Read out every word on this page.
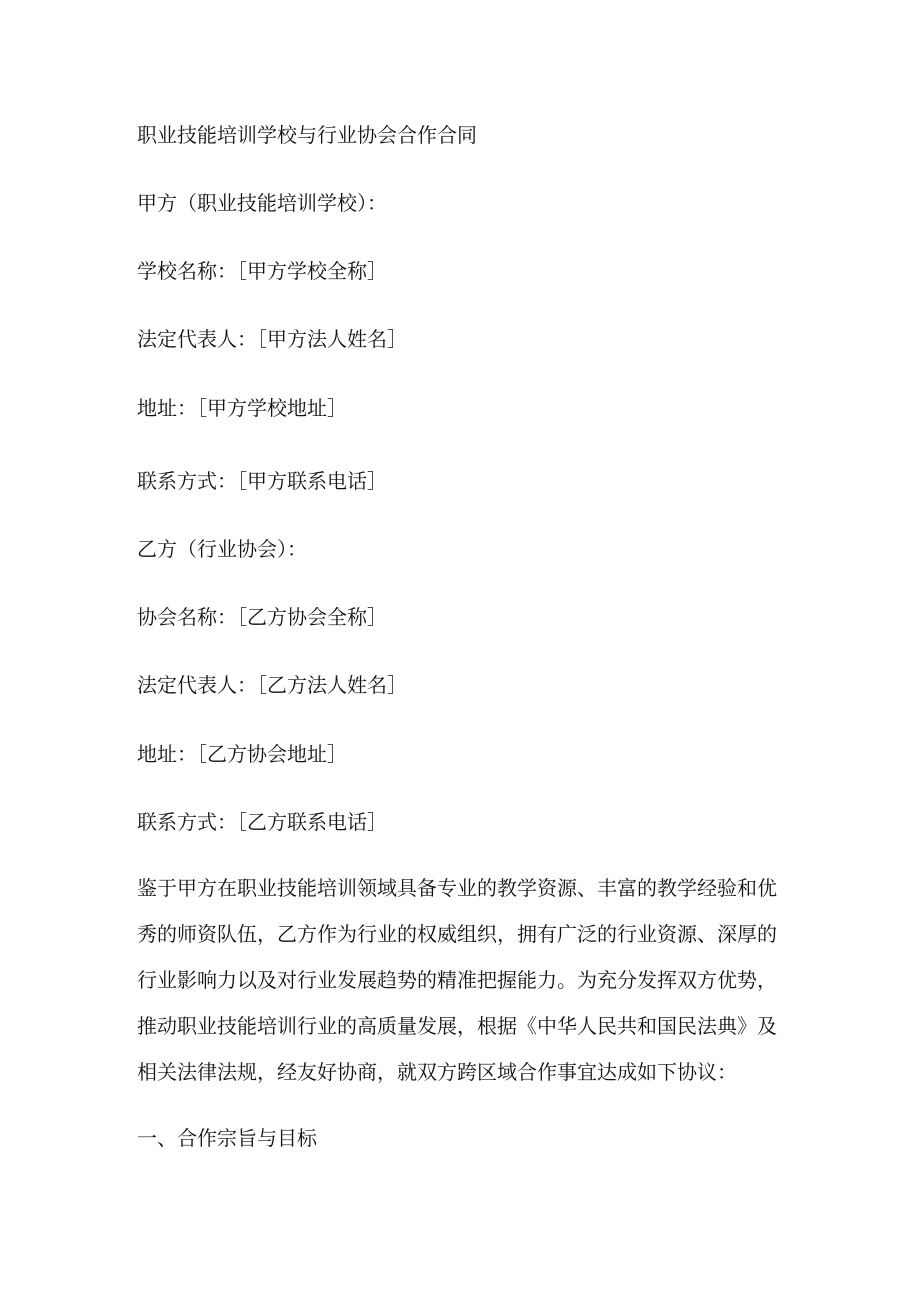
职业技能培训学校与行业协会合作合同
甲方（职业技能培训学校）：
学校名称：［甲方学校全称］
法定代表人：［甲方法人姓名］
地址：［甲方学校地址］
联系方式：［甲方联系电话］
乙方（行业协会）：
协会名称：［乙方协会全称］
法定代表人：［乙方法人姓名］
地址：［乙方协会地址］
联系方式：［乙方联系电话］
鉴于甲方在职业技能培训领域具备专业的教学资源、丰富的教学经验和优
秀的师资队伍，乙方作为行业的权威组织，拥有广泛的行业资源、深厚的
行业影响力以及对行业发展趋势的精准把握能力。为充分发挥双方优势，
推动职业技能培训行业的高质量发展，根据《中华人民共和国民法典》及
相关法律法规，经友好协商，就双方跨区域合作事宜达成如下协议：
一、合作宗旨与目标
